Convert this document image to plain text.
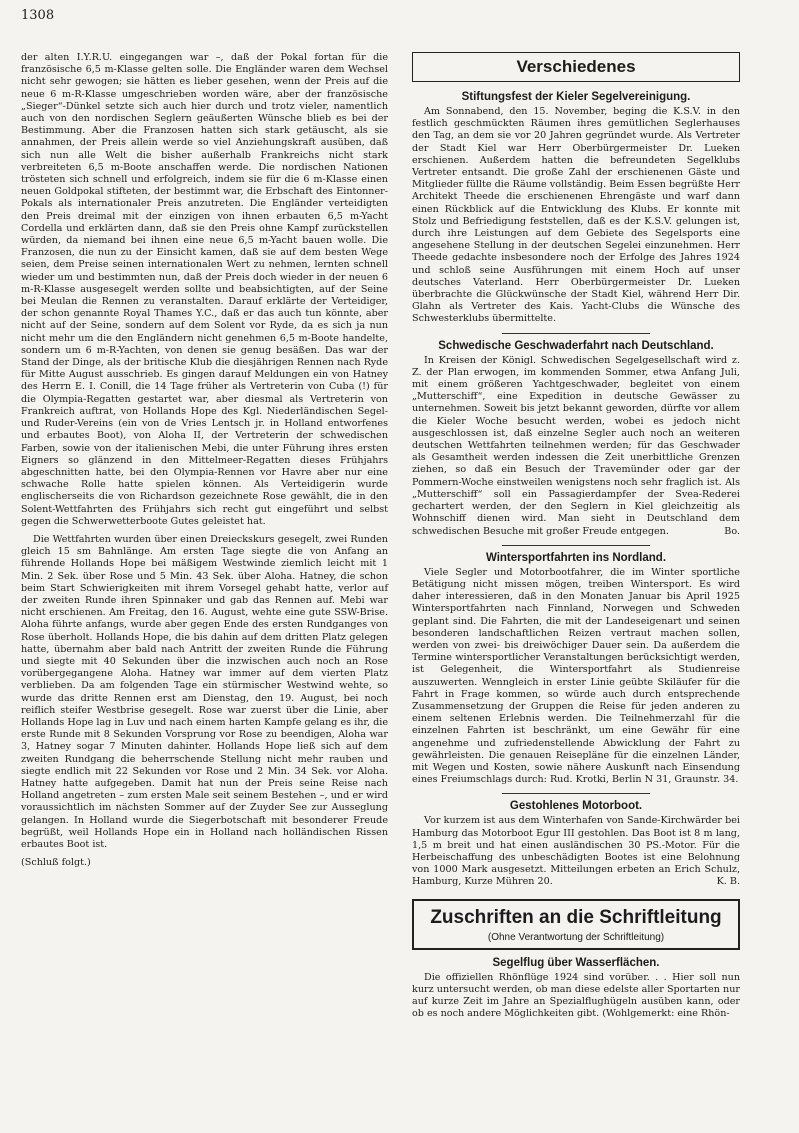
1308

der alten I.Y.R.U. eingegangen war –, daß der Pokal fortan für die französische 6,5 m-Klasse gelten solle. Die Engländer waren dem Wechsel nicht sehr gewogen; sie hätten es lieber gesehen, wenn der Preis auf die neue 6 m-R-Klasse umgeschrieben worden wäre, aber der französische „Sieger“-Dünkel setzte sich auch hier durch und trotz vieler, namentlich auch von den nordischen Seglern geäußerten Wünsche blieb es bei der Bestimmung. Aber die Franzosen hatten sich stark getäuscht, als sie annahmen, der Preis allein werde so viel Anziehungskraft ausüben, daß sich nun alle Welt die bisher außerhalb Frankreichs nicht stark verbreiteten 6,5 m-Boote anschaffen werde. Die nordischen Nationen trösteten sich schnell und erfolgreich, indem sie für die 6 m-Klasse einen neuen Goldpokal stifteten, der bestimmt war, die Erbschaft des Eintonner-Pokals als internationaler Preis anzutreten. Die Engländer verteidigten den Preis dreimal mit der einzigen von ihnen erbauten 6,5 m-Yacht Cordella und erklärten dann, daß sie den Preis ohne Kampf zurückstellen würden, da niemand bei ihnen eine neue 6,5 m-Yacht bauen wolle. Die Franzosen, die nun zu der Einsicht kamen, daß sie auf dem besten Wege seien, dem Preise seinen internationalen Wert zu nehmen, lernten schnell wieder um und bestimmten nun, daß der Preis doch wieder in der neuen 6 m-R-Klasse ausgesegelt werden sollte und beabsichtigten, auf der Seine bei Meulan die Rennen zu veranstalten. Darauf erklärte der Verteidiger, der schon genannte Royal Thames Y.C., daß er das auch tun könnte, aber nicht auf der Seine, sondern auf dem Solent vor Ryde, da es sich ja nun nicht mehr um die den Engländern nicht genehmen 6,5 m-Boote handelte, sondern um 6 m-R-Yachten, von denen sie genug besäßen. Das war der Stand der Dinge, als der britische Klub die diesjährigen Rennen nach Ryde für Mitte August ausschrieb. Es gingen darauf Meldungen ein von Hatney des Herrn E. I. Conill, die 14 Tage früher als Vertreterin von Cuba (!) für die Olympia-Regatten gestartet war, aber diesmal als Vertreterin von Frankreich auftrat, von Hollands Hope des Kgl. Niederländischen Segel- und Ruder-Vereins (ein von de Vries Lentsch jr. in Holland entworfenes und erbautes Boot), von Aloha II, der Vertreterin der schwedischen Farben, sowie von der italienischen Mebi, die unter Führung ihres ersten Eigners so glänzend in den Mittelmeer-Regatten dieses Frühjahrs abgeschnitten hatte, bei den Olympia-Rennen vor Havre aber nur eine schwache Rolle hatte spielen können. Als Verteidigerin wurde englischerseits die von Richardson gezeichnete Rose gewählt, die in den Solent-Wettfahrten des Frühjahrs sich recht gut eingeführt und selbst gegen die Schwerwetterboote Gutes geleistet hat.

Die Wettfahrten wurden über einen Dreieckskurs gesegelt, zwei Runden gleich 15 sm Bahnlänge. Am ersten Tage siegte die von Anfang an führende Hollands Hope bei mäßigem Westwinde ziemlich leicht mit 1 Min. 2 Sek. über Rose und 5 Min. 43 Sek. über Aloha. Hatney, die schon beim Start Schwierigkeiten mit ihrem Vorsegel gehabt hatte, verlor auf der zweiten Runde ihren Spinnaker und gab das Rennen auf. Mebi war nicht erschienen. Am Freitag, den 16. August, wehte eine gute SSW-Brise. Aloha führte anfangs, wurde aber gegen Ende des ersten Rundganges von Rose überholt. Hollands Hope, die bis dahin auf dem dritten Platz gelegen hatte, übernahm aber bald nach Antritt der zweiten Runde die Führung und siegte mit 40 Sekunden über die inzwischen auch noch an Rose vorübergegangene Aloha. Hatney war immer auf dem vierten Platz verblieben. Da am folgenden Tage ein stürmischer Westwind wehte, so wurde das dritte Rennen erst am Dienstag, den 19. August, bei noch reiflich steifer Westbrise gesegelt. Rose war zuerst über die Linie, aber Hollands Hope lag in Luv und nach einem harten Kampfe gelang es ihr, die erste Runde mit 8 Sekunden Vorsprung vor Rose zu beendigen, Aloha war 3, Hatney sogar 7 Minuten dahinter. Hollands Hope ließ sich auf dem zweiten Rundgang die beherrschende Stellung nicht mehr rauben und siegte endlich mit 22 Sekunden vor Rose und 2 Min. 34 Sek. vor Aloha. Hatney hatte aufgegeben. Damit hat nun der Preis seine Reise nach Holland angetreten – zum ersten Male seit seinem Bestehen –, und er wird voraussichtlich im nächsten Sommer auf der Zuyder See zur Ausseglung gelangen. In Holland wurde die Siegerbotschaft mit besonderer Freude begrüßt, weil Hollands Hope ein in Holland nach holländischen Rissen erbautes Boot ist.

(Schluß folgt.)

Verschiedenes
Stiftungsfest der Kieler Segelvereinigung.

Am Sonnabend, den 15. November, beging die K.S.V. in den festlich geschmückten Räumen ihres gemütlichen Seglerhauses den Tag, an dem sie vor 20 Jahren gegründet wurde. Als Vertreter der Stadt Kiel war Herr Oberbürgermeister Dr. Lueken erschienen. Außerdem hatten die befreundeten Segelklubs Vertreter entsandt. Die große Zahl der erschienenen Gäste und Mitglieder füllte die Räume vollständig. Beim Essen begrüßte Herr Architekt Theede die erschienenen Ehrengäste und warf dann einen Rückblick auf die Entwicklung des Klubs. Er konnte mit Stolz und Befriedigung feststellen, daß es der K.S.V. gelungen ist, durch ihre Leistungen auf dem Gebiete des Segelsports eine angesehene Stellung in der deutschen Segelei einzunehmen. Herr Theede gedachte insbesondere noch der Erfolge des Jahres 1924 und schloß seine Ausführungen mit einem Hoch auf unser deutsches Vaterland. Herr Oberbürgermeister Dr. Lueken überbrachte die Glückwünsche der Stadt Kiel, während Herr Dir. Glahn als Vertreter des Kais. Yacht-Clubs die Wünsche des Schwesterklubs übermittelte.

Schwedische Geschwaderfahrt nach Deutschland.

In Kreisen der Königl. Schwedischen Segelgesellschaft wird z. Z. der Plan erwogen, im kommenden Sommer, etwa Anfang Juli, mit einem größeren Yachtgeschwader, begleitet von einem „Mutterschiff“, eine Expedition in deutsche Gewässer zu unternehmen. Soweit bis jetzt bekannt geworden, dürfte vor allem die Kieler Woche besucht werden, wobei es jedoch nicht ausgeschlossen ist, daß einzelne Segler auch noch an weiteren deutschen Wettfahrten teilnehmen werden; für das Geschwader als Gesamtheit werden indessen die Zeit unerbittliche Grenzen ziehen, so daß ein Besuch der Travemünder oder gar der Pommern-Woche einstweilen wenigstens noch sehr fraglich ist. Als „Mutterschiff“ soll ein Passagierdampfer der Svea-Rederei gechartert werden, der den Seglern in Kiel gleichzeitig als Wohnschiff dienen wird. Man sieht in Deutschland dem schwedischen Besuche mit großer Freude entgegen.	Bo.

Wintersportfahrten ins Nordland.

Viele Segler und Motorbootfahrer, die im Winter sportliche Betätigung nicht missen mögen, treiben Wintersport. Es wird daher interessieren, daß in den Monaten Januar bis April 1925 Wintersportfahrten nach Finnland, Norwegen und Schweden geplant sind. Die Fahrten, die mit der Landeseigenart und seinen besonderen landschaftlichen Reizen vertraut machen sollen, werden von zwei- bis dreiwöchiger Dauer sein. Da außerdem die Termine wintersportlicher Veranstaltungen berücksichtigt werden, ist Gelegenheit, die Wintersportfahrt als Studienreise auszuwerten. Wenngleich in erster Linie geübte Skiläufer für die Fahrt in Frage kommen, so würde auch durch entsprechende Zusammensetzung der Gruppen die Reise für jeden anderen zu einem seltenen Erlebnis werden. Die Teilnehmerzahl für die einzelnen Fahrten ist beschränkt, um eine Gewähr für eine angenehme und zufriedenstellende Abwicklung der Fahrt zu gewährleisten. Die genauen Reisepläne für die einzelnen Länder, mit Wegen und Kosten, sowie nähere Auskunft nach Einsendung eines Freiumschlags durch: Rud. Krotki, Berlin N 31, Graunstr. 34.

Gestohlenes Motorboot.

Vor kurzem ist aus dem Winterhafen von Sande-Kirchwärder bei Hamburg das Motorboot Egur III gestohlen. Das Boot ist 8 m lang, 1,5 m breit und hat einen ausländischen 30 PS.-Motor. Für die Herbeischaffung des unbeschädigten Bootes ist eine Belohnung von 1000 Mark ausgesetzt. Mitteilungen erbeten an Erich Schulz, Hamburg, Kurze Mühren 20.	K. B.

Zuschriften an die Schriftleitung
(Ohne Verantwortung der Schriftleitung)
Segelflug über Wasserflächen.

Die offiziellen Rhönflüge 1924 sind vorüber. . . Hier soll nun kurz untersucht werden, ob man diese edelste aller Sportarten nur auf kurze Zeit im Jahre an Spezialflughügeln ausüben kann, oder ob es noch andere Möglichkeiten gibt. (Wohlgemerkt: eine Rhön-
